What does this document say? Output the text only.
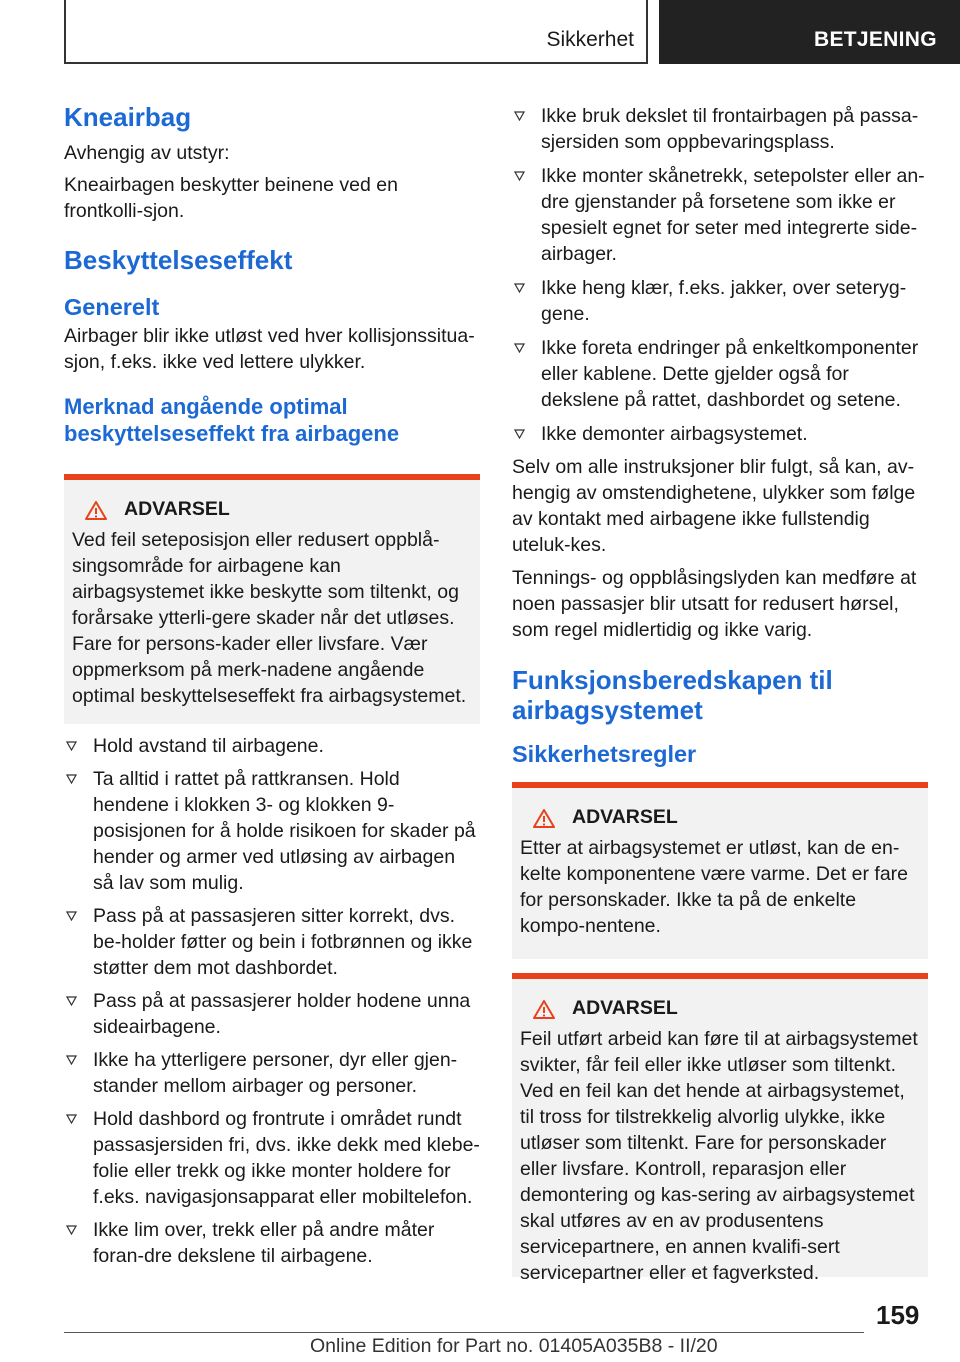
Sikkerhet	BETJENING
Kneairbag

Avhengig av utstyr:

Kneairbagen beskytter beinene ved en frontkolli-sjon.

Beskyttelseseffekt
Generelt

Airbager blir ikke utløst ved hver kollisjonssitua-sjon, f.eks. ikke ved lettere ulykker.

Merknad angående optimal beskyttelseseffekt fra airbagene
ADVARSEL

Ved feil seteposisjon eller redusert oppblå-singsområde for airbagene kan airbagsystemet ikke beskytte som tiltenkt, og forårsake ytterli-gere skader når det utløses. Fare for persons-kader eller livsfare. Vær oppmerksom på merk-nadene angående optimal beskyttelseseffekt fra airbagsystemet.

Hold avstand til airbagene.
Ta alltid i rattet på rattkransen. Hold hendene i klokken 3- og klokken 9-posisjonen for å holde risikoen for skader på hender og armer ved utløsing av airbagen så lav som mulig.
Pass på at passasjeren sitter korrekt, dvs. be-holder føtter og bein i fotbrønnen og ikke støtter dem mot dashbordet.
Pass på at passasjerer holder hodene unna sideairbagene.
Ikke ha ytterligere personer, dyr eller gjen-stander mellom airbager og personer.
Hold dashbord og frontrute i området rundt passasjersiden fri, dvs. ikke dekk med klebe-folie eller trekk og ikke monter holdere for f.eks. navigasjonsapparat eller mobiltelefon.
Ikke lim over, trekk eller på andre måter foran-dre dekslene til airbagene.
Ikke bruk dekslet til frontairbagen på passa-sjersiden som oppbevaringsplass.
Ikke monter skånetrekk, setepolster eller an-dre gjenstander på forsetene som ikke er spesielt egnet for seter med integrerte side-airbager.
Ikke heng klær, f.eks. jakker, over seteryg-gene.
Ikke foreta endringer på enkeltkomponenter eller kablene. Dette gjelder også for dekslene på rattet, dashbordet og setene.
Ikke demonter airbagsystemet.

Selv om alle instruksjoner blir fulgt, så kan, av-hengig av omstendighetene, ulykker som følge av kontakt med airbagene ikke fullstendig uteluk-kes.

Tennings- og oppblåsingslyden kan medføre at noen passasjer blir utsatt for redusert hørsel, som regel midlertidig og ikke varig.

Funksjonsberedskapen til airbagsystemet
Sikkerhetsregler
ADVARSEL

Etter at airbagsystemet er utløst, kan de en-kelte komponentene være varme. Det er fare for personskader. Ikke ta på de enkelte kompo-nentene.

ADVARSEL

Feil utført arbeid kan føre til at airbagsystemet svikter, får feil eller ikke utløser som tiltenkt. Ved en feil kan det hende at airbagsystemet, til tross for tilstrekkelig alvorlig ulykke, ikke utløser som tiltenkt. Fare for personskader eller livsfare. Kontroll, reparasjon eller demontering og kas-sering av airbagsystemet skal utføres av en av produsentens servicepartnere, en annen kvalifi-sert servicepartner eller et fagverksted.

159
Online Edition for Part no. 01405A035B8 - II/20
